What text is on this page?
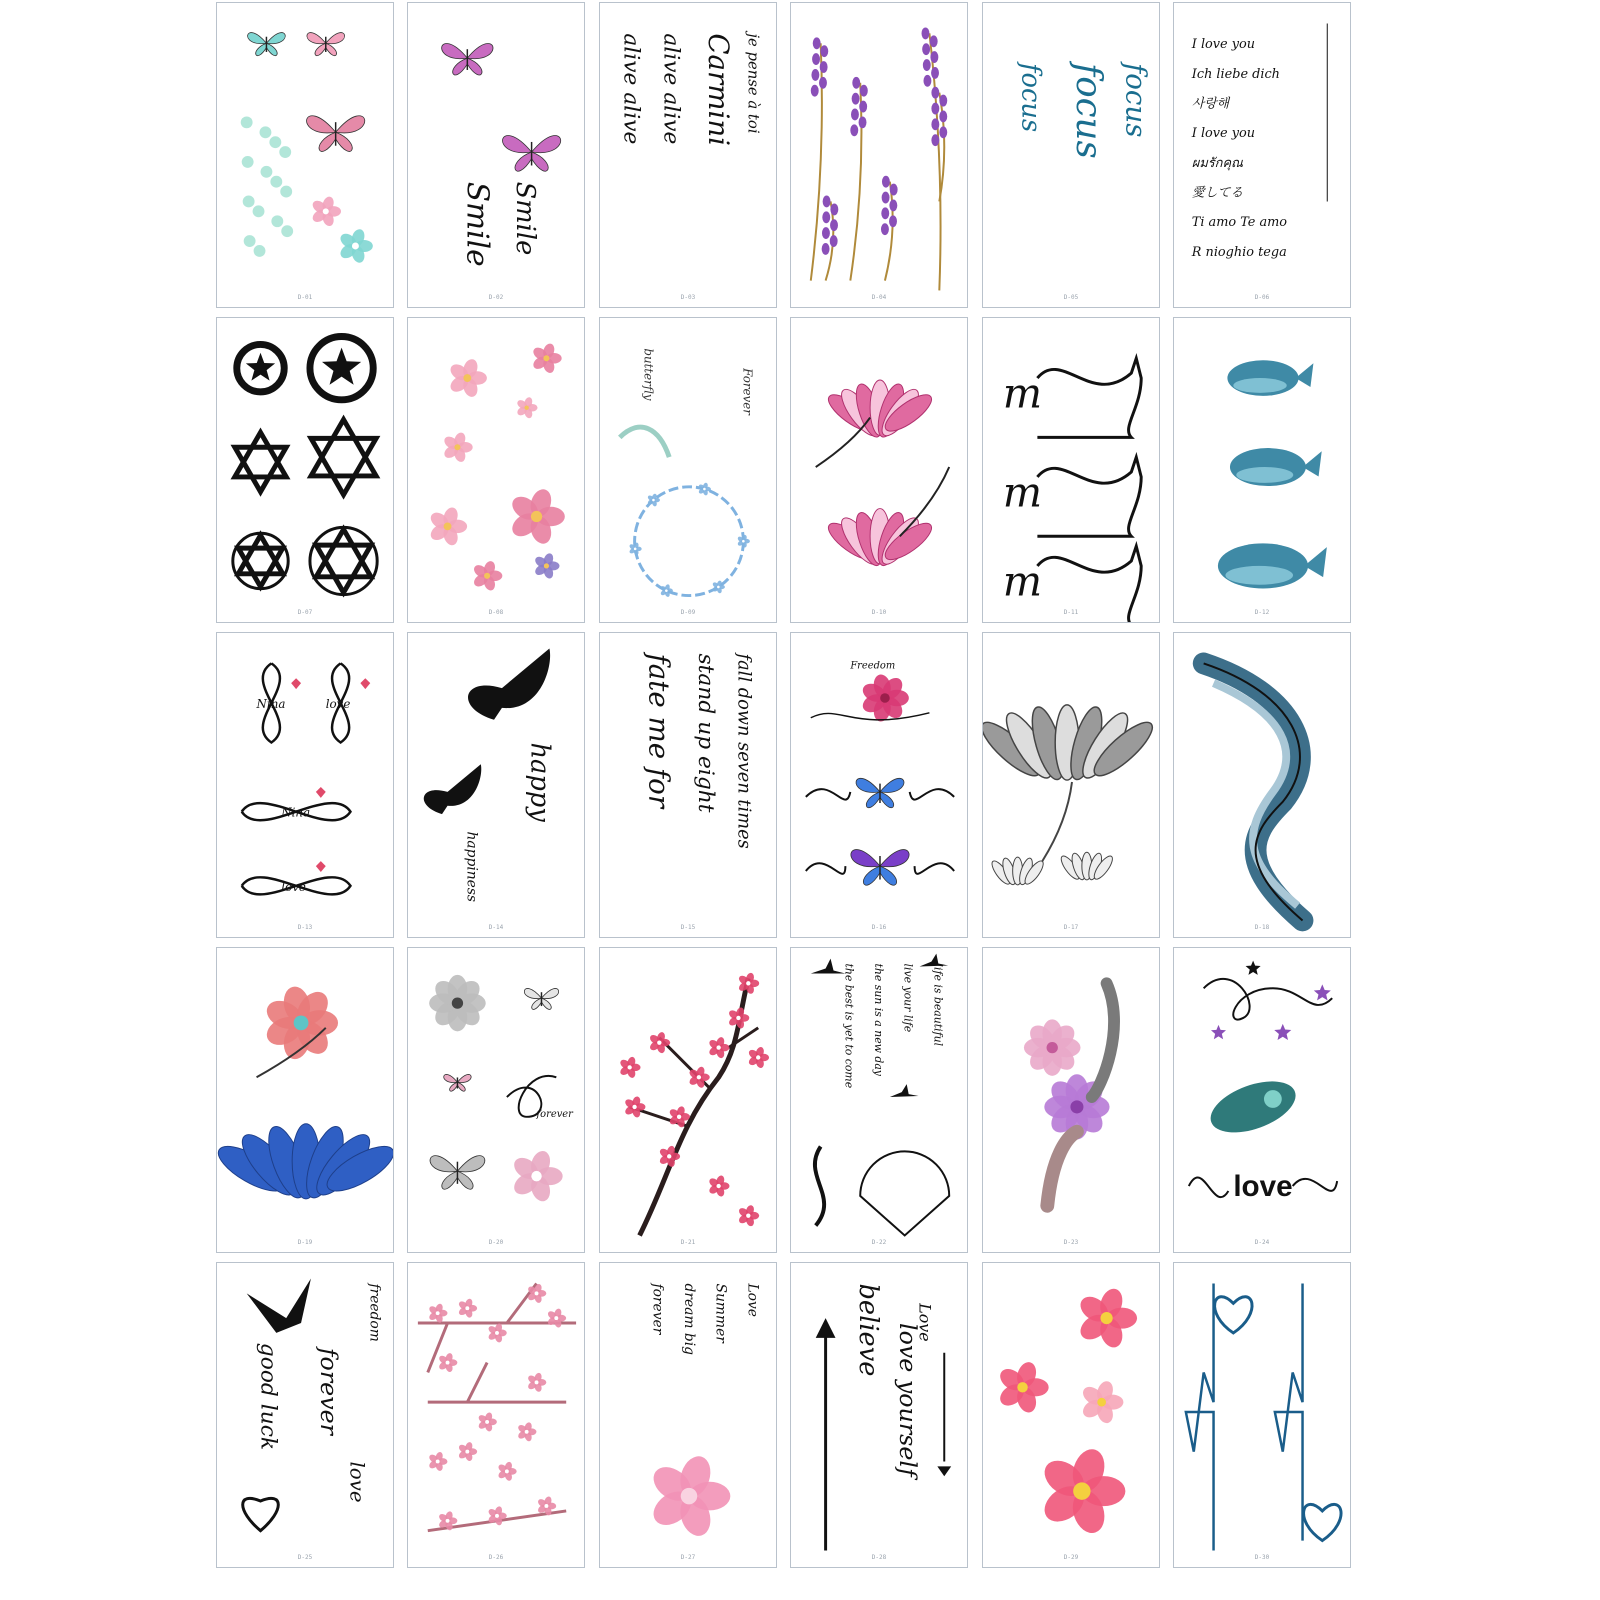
D-01
Smile Smile
D-02
je pense à toi
Carmini
alive alive
alive alive
D-03	D-04
focus focus focus
D-05
I love you
Ich liebe dich
사랑해
I love you
ผมรักคุณ
愛してる
Ti amo Te amo
R nioghio tega
D-06
D-07	D-08
butterfly	Forever
D-09	D-10
m
m
m
D-11	D-12
Nina	love
Nina
love
D-13
happy
happiness
D-14
fall down seven times
stand up eight
fate me for
D-15
Freedom
D-16	D-17	D-18
D-19
forever
D-20	D-21
life is beautiful
live your life
the sun is a new day
the best is yet to come
D-22	D-23
love
D-24
good luck forever
freedom
love
D-25	D-26
Love
Summer
dream big
forever
D-27
believe love yourself
Love
D-28	D-29	D-30
